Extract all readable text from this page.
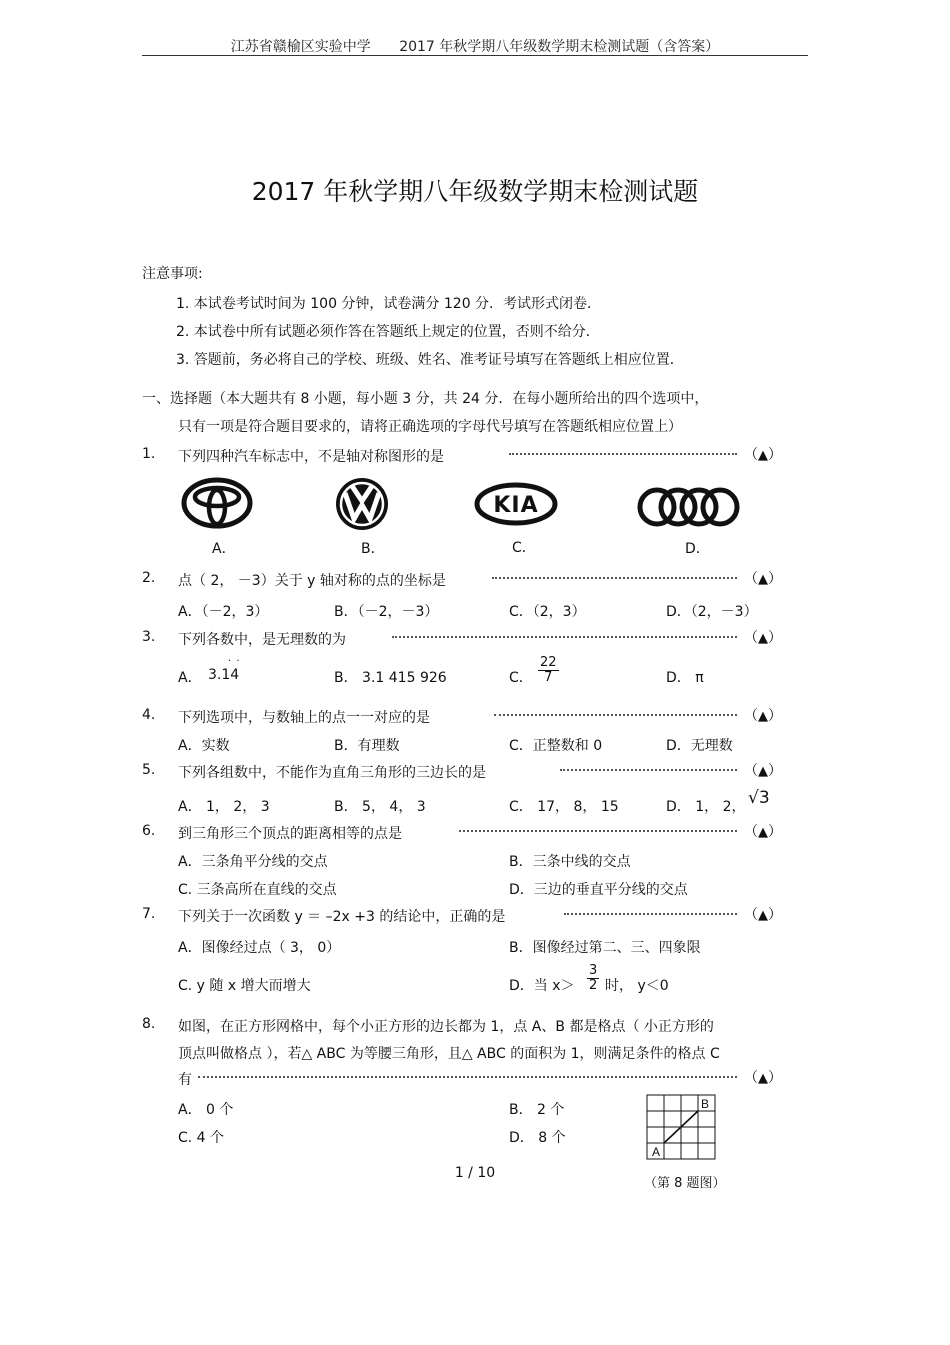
江苏省赣榆区实验中学 2017 年秋学期八年级数学期末检测试题（含答案）
2017 年秋学期八年级数学期末检测试题
注意事项:
1. 本试卷考试时间为 100 分钟，试卷满分 120 分．考试形式闭卷．
2. 本试卷中所有试题必须作答在答题纸上规定的位置，否则不给分．
3. 答题前，务必将自己的学校、班级、姓名、准考证号填写在答题纸上相应位置．
一、选择题（本大题共有 8 小题，每小题 3 分，共 24 分．在每小题所给出的四个选项中，
只有一项是符合题目要求的，请将正确选项的字母代号填写在答题纸相应位置上）
1. 下列四种汽车标志中，不是轴对称图形的是	（▲）
KIA
A．	B．	C．	D．
2. 点（ 2， －3）关于 y 轴对称的点的坐标是	（▲）
A．（－2，3）	B．（－2，－3）	C．（2，3）	D．（2，－3）
3. 下列各数中，是无理数的为	（▲）
A． 3.14
· ·
B． 3.1 415 926	C． $\frac{22}{7}$	D． π
4. 下列选项中，与数轴上的点一一对应的是	（▲）
A．实数	B．有理数	C．正整数和 0	D．无理数
5. 下列各组数中，不能作为直角三角形的三边长的是	（▲）
A． 1， 2， 3	B． 5， 4， 3	C． 17， 8， 15	D． 1， 2， √3
6. 到三角形三个顶点的距离相等的点是	（▲）
A．三条角平分线的交点	B．三条中线的交点
C. 三条高所在直线的交点	D．三边的垂直平分线的交点
7. 下列关于一次函数 y ＝ –2x +3 的结论中，正确的是	（▲）
A．图像经过点（ 3， 0）	B．图像经过第二、三、四象限
C. y 随 x 增大而增大	D．当 $x> \frac{3}{2}$ 时， y＜0
8. 如图，在正方形网格中，每个小正方形的边长都为 1，点 A、B 都是格点（ 小正方形的
顶点叫做格点 ），若△ ABC 为等腰三角形，且△ ABC 的面积为 1，则满足条件的格点 C
有	（▲）
A． 0 个	B． 2 个
C. 4 个	D． 8 个
A
B
（第 8 题图）
1 / 10
